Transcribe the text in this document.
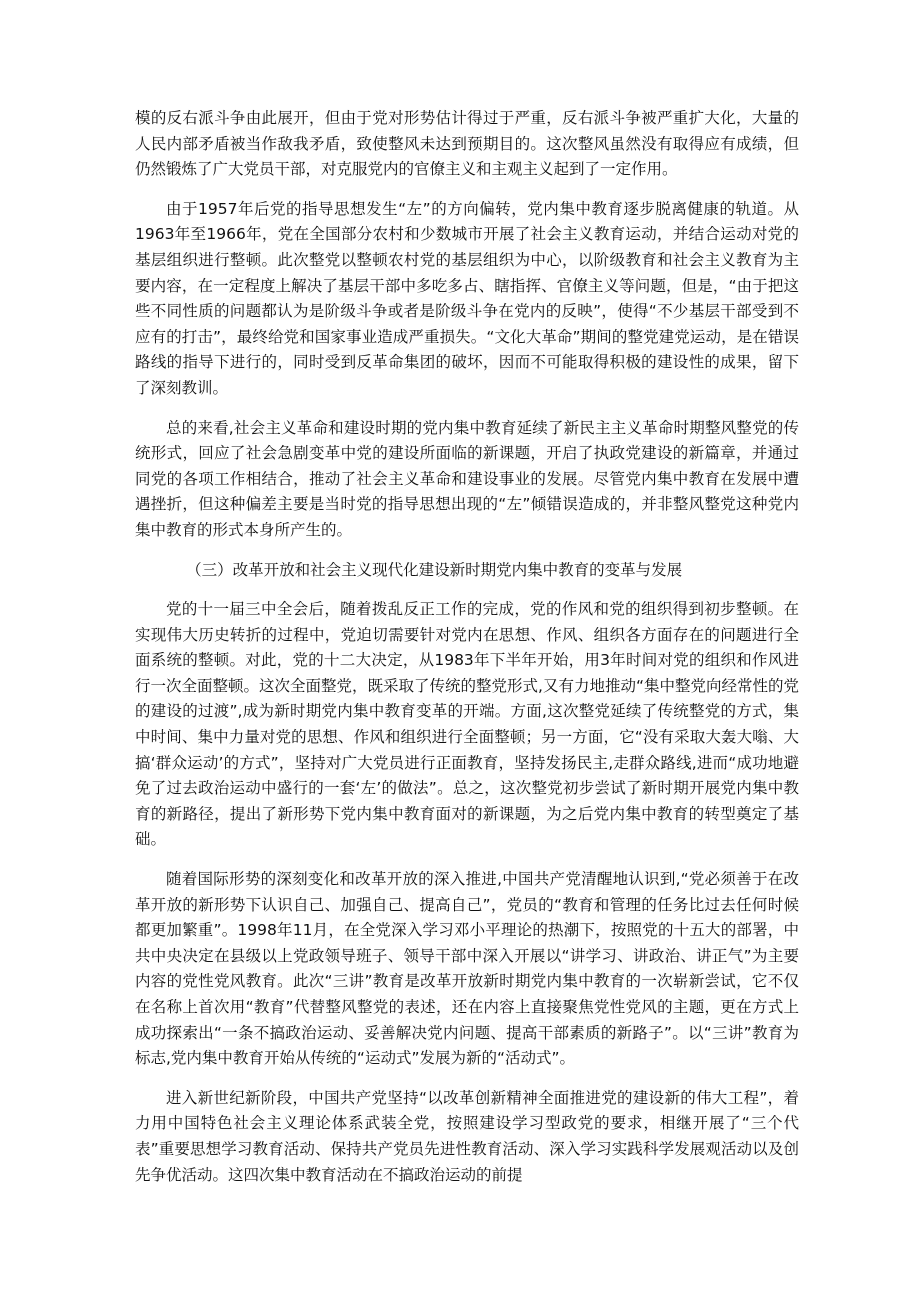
模的反右派斗争由此展开，但由于党对形势估计得过于严重，反右派斗争被严重扩大化，大量的人民内部矛盾被当作敌我矛盾，致使整风未达到预期目的。这次整风虽然没有取得应有成绩，但仍然锻炼了广大党员干部，对克服党内的官僚主义和主观主义起到了一定作用。

由于1957年后党的指导思想发生“左”的方向偏转，党内集中教育逐步脱离健康的轨道。从1963年至1966年，党在全国部分农村和少数城市开展了社会主义教育运动，并结合运动对党的基层组织进行整顿。此次整党以整顿农村党的基层组织为中心，以阶级教育和社会主义教育为主要内容，在一定程度上解决了基层干部中多吃多占、瞎指挥、官僚主义等问题，但是，“由于把这些不同性质的问题都认为是阶级斗争或者是阶级斗争在党内的反映”，使得“不少基层干部受到不应有的打击”，最终给党和国家事业造成严重损失。“文化大革命”期间的整党建党运动，是在错误路线的指导下进行的，同时受到反革命集团的破坏，因而不可能取得积极的建设性的成果，留下了深刻教训。

总的来看,社会主义革命和建设时期的党内集中教育延续了新民主主义革命时期整风整党的传统形式，回应了社会急剧变革中党的建设所面临的新课题，开启了执政党建设的新篇章，并通过同党的各项工作相结合，推动了社会主义革命和建设事业的发展。尽管党内集中教育在发展中遭遇挫折，但这种偏差主要是当时党的指导思想出现的“左”倾错误造成的，并非整风整党这种党内集中教育的形式本身所产生的。

（三）改革开放和社会主义现代化建设新时期党内集中教育的变革与发展

党的十一届三中全会后，随着拨乱反正工作的完成，党的作风和党的组织得到初步整顿。在实现伟大历史转折的过程中，党迫切需要针对党内在思想、作风、组织各方面存在的问题进行全面系统的整顿。对此，党的十二大决定，从1983年下半年开始，用3年时间对党的组织和作风进行一次全面整顿。这次全面整党，既采取了传统的整党形式,又有力地推动“集中整党向经常性的党的建设的过渡”,成为新时期党内集中教育变革的开端。方面,这次整党延续了传统整党的方式，集中时间、集中力量对党的思想、作风和组织进行全面整顿；另一方面，它“没有采取大轰大嗡、大搞‘群众运动’的方式”，坚持对广大党员进行正面教育，坚持发扬民主,走群众路线,进而“成功地避免了过去政治运动中盛行的一套‘左’的做法”。总之，这次整党初步尝试了新时期开展党内集中教育的新路径，提出了新形势下党内集中教育面对的新课题，为之后党内集中教育的转型奠定了基础。

随着国际形势的深刻变化和改革开放的深入推进,中国共产党清醒地认识到,“党必须善于在改革开放的新形势下认识自己、加强自己、提高自己”，党员的“教育和管理的任务比过去任何时候都更加繁重”。1998年11月，在全党深入学习邓小平理论的热潮下，按照党的十五大的部署，中共中央决定在县级以上党政领导班子、领导干部中深入开展以“讲学习、讲政治、讲正气”为主要内容的党性党风教育。此次“三讲”教育是改革开放新时期党内集中教育的一次崭新尝试，它不仅在名称上首次用“教育”代替整风整党的表述，还在内容上直接聚焦党性党风的主题，更在方式上成功探索出“一条不搞政治运动、妥善解决党内问题、提高干部素质的新路子”。以“三讲”教育为标志,党内集中教育开始从传统的“运动式”发展为新的“活动式”。

进入新世纪新阶段，中国共产党坚持“以改革创新精神全面推进党的建设新的伟大工程”，着力用中国特色社会主义理论体系武装全党，按照建设学习型政党的要求，相继开展了“三个代表”重要思想学习教育活动、保持共产党员先进性教育活动、深入学习实践科学发展观活动以及创先争优活动。这四次集中教育活动在不搞政治运动的前提
